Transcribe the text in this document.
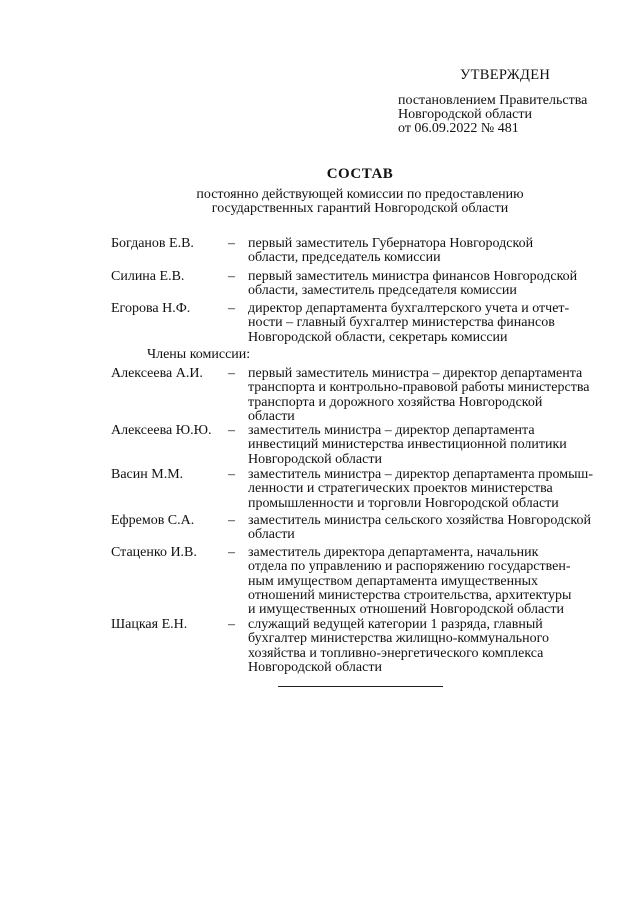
УТВЕРЖДЕН
постановлением Правительства
Новгородской области
от 06.09.2022 № 481
СОСТАВ
постоянно действующей комиссии по предоставлению
государственных гарантий Новгородской области
Богданов Е.В. – первый заместитель Губернатора Новгородской
области, председатель комиссии
Силина Е.В.	– первый заместитель министра финансов Новгородской
области, заместитель председателя комиссии
Егорова Н.Ф.	– директор департамента бухгалтерского учета и отчет-
ности – главный бухгалтер министерства финансов
Новгородской области, секретарь комиссии
Члены комиссии:
Алексеева А.И. – первый заместитель министра – директор департамента
транспорта и контрольно-правовой работы министерства
транспорта и дорожного хозяйства Новгородской
области
Алексеева Ю.Ю. – заместитель министра – директор департамента
инвестиций министерства инвестиционной политики
Новгородской области
Васин М.М.	– заместитель министра – директор департамента промыш-
ленности и стратегических проектов министерства
промышленности и торговли Новгородской области
Ефремов С.А. – заместитель министра сельского хозяйства Новгородской
области
Стаценко И.В. – заместитель директора департамента, начальник
отдела по управлению и распоряжению государствен-
ным имуществом департамента имущественных
отношений министерства строительства, архитектуры
и имущественных отношений Новгородской области
Шацкая Е.Н.	– служащий ведущей категории 1 разряда, главный
бухгалтер министерства жилищно-коммунального
хозяйства и топливно-энергетического комплекса
Новгородской области
